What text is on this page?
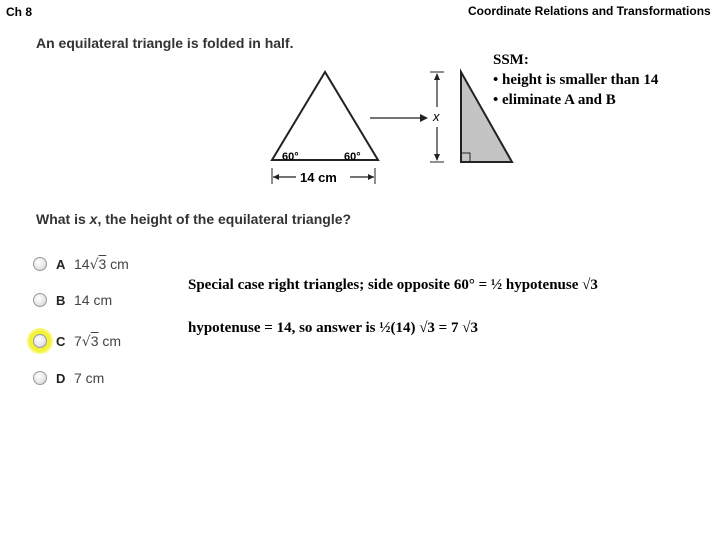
Ch 8	Coordinate Relations and Transformations
An equilateral triangle is folded in half.
60°	60°
14 cm
x
SSM:
• height is smaller than 14
• eliminate A and B
What is x, the height of the equilateral triangle?
A 14√3 cm
B 14 cm
C 7√3 cm
D 7 cm
Special case right triangles; side opposite 60° = ½ hypotenuse √3
hypotenuse = 14, so answer is ½(14) √3 = 7 √3
